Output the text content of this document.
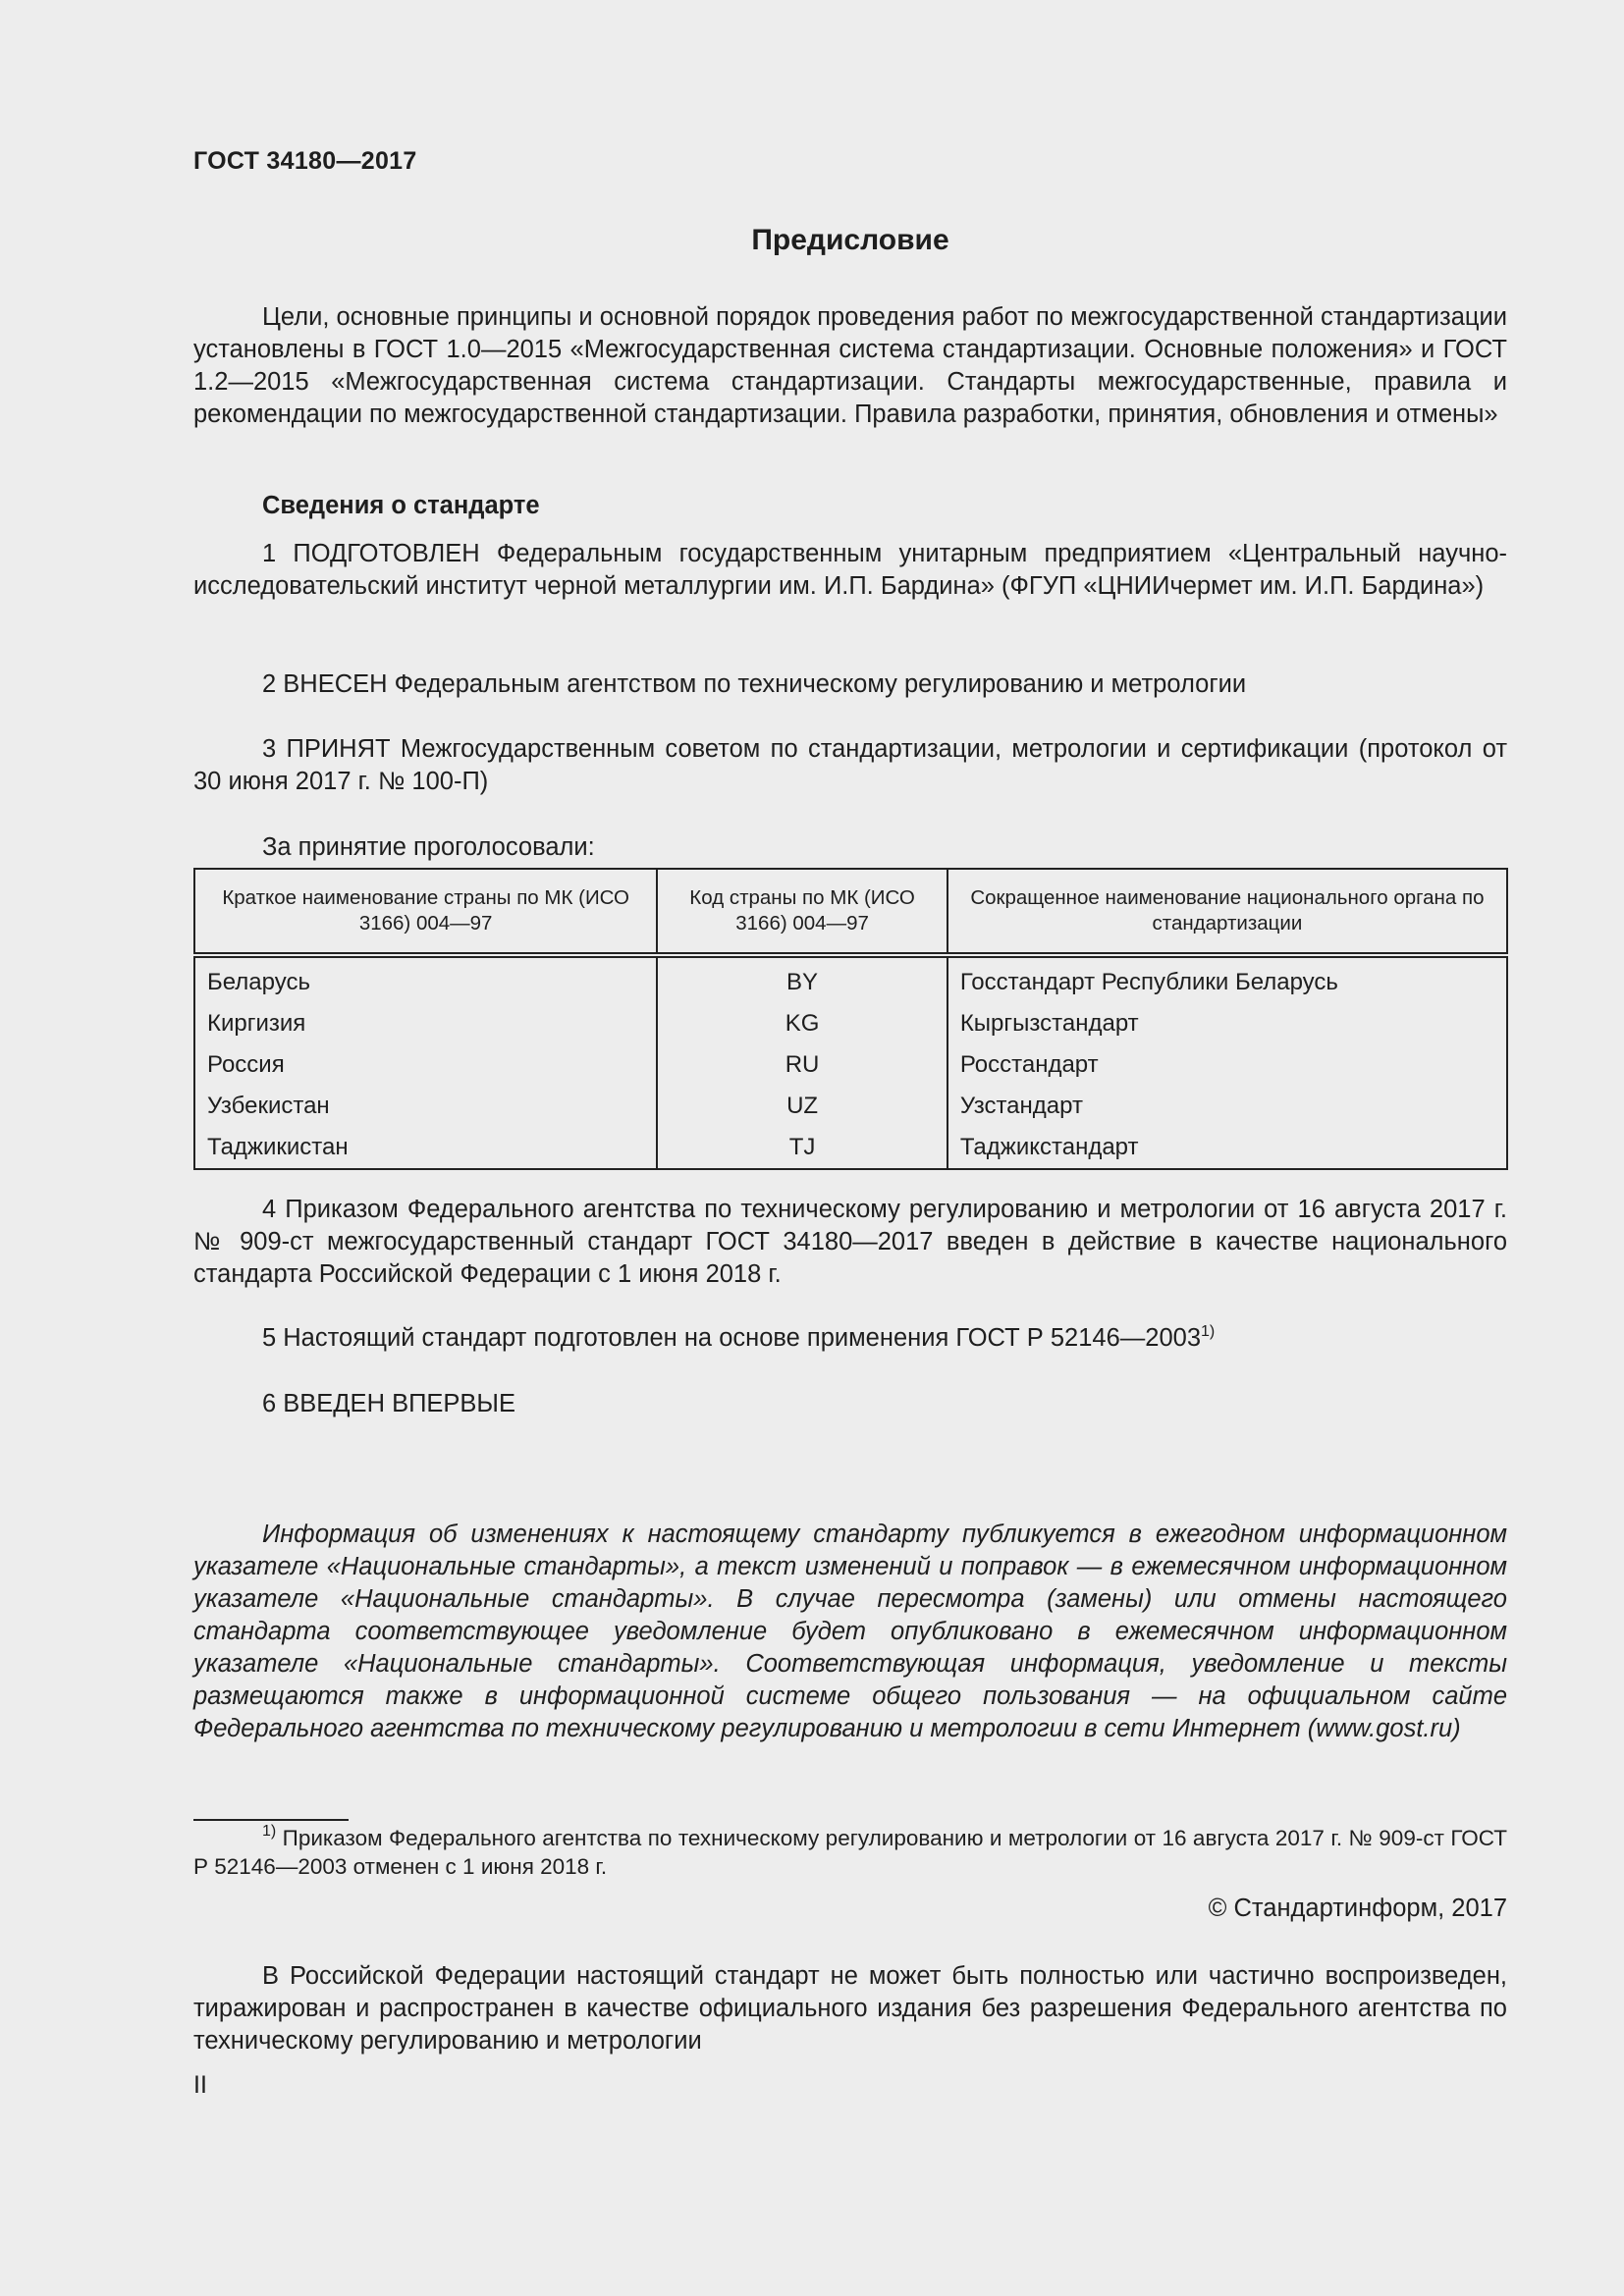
ГОСТ 34180—2017
Предисловие

Цели, основные принципы и основной порядок проведения работ по межгосударственной стандартизации установлены в ГОСТ 1.0—2015 «Межгосударственная система стандартизации. Основные положения» и ГОСТ 1.2—2015 «Межгосударственная система стандартизации. Стандарты межгосударственные, правила и рекомендации по межгосударственной стандартизации. Правила разработки, принятия, обновления и отмены»

Сведения о стандарте

1 ПОДГОТОВЛЕН Федеральным государственным унитарным предприятием «Центральный научно-исследовательский институт черной металлургии им. И.П. Бардина» (ФГУП «ЦНИИчермет им. И.П. Бардина»)

2 ВНЕСЕН Федеральным агентством по техническому регулированию и метрологии

3 ПРИНЯТ Межгосударственным советом по стандартизации, метрологии и сертификации (протокол от 30 июня 2017 г. № 100-П)

За принятие проголосовали:

Краткое наименование страны по МК (ИСО 3166) 004—97	Код страны по МК (ИСО 3166) 004—97	Сокращенное наименование национального органа по стандартизации
Беларусь	BY	Госстандарт Республики Беларусь
Киргизия	KG	Кыргызстандарт
Россия	RU	Росстандарт
Узбекистан	UZ	Узстандарт
Таджикистан	TJ	Таджикстандарт

4 Приказом Федерального агентства по техническому регулированию и метрологии от 16 августа 2017 г. № 909-ст межгосударственный стандарт ГОСТ 34180—2017 введен в действие в качестве национального стандарта Российской Федерации с 1 июня 2018 г.

5 Настоящий стандарт подготовлен на основе применения ГОСТ Р 52146—2003$^{1)}$

6 ВВЕДЕН ВПЕРВЫЕ

Информация об изменениях к настоящему стандарту публикуется в ежегодном информационном указателе «Национальные стандарты», а текст изменений и поправок — в ежемесячном информационном указателе «Национальные стандарты». В случае пересмотра (замены) или отмены настоящего стандарта соответствующее уведомление будет опубликовано в ежемесячном информационном указателе «Национальные стандарты». Соответствующая информация, уведомление и тексты размещаются также в информационной системе общего пользования — на официальном сайте Федерального агентства по техническому регулированию и метрологии в сети Интернет (www.gost.ru)

$^{1)}$ Приказом Федерального агентства по техническому регулированию и метрологии от 16 августа 2017 г. № 909-ст ГОСТ Р 52146—2003 отменен с 1 июня 2018 г.

© Стандартинформ, 2017

В Российской Федерации настоящий стандарт не может быть полностью или частично воспроизведен, тиражирован и распространен в качестве официального издания без разрешения Федерального агентства по техническому регулированию и метрологии

II
